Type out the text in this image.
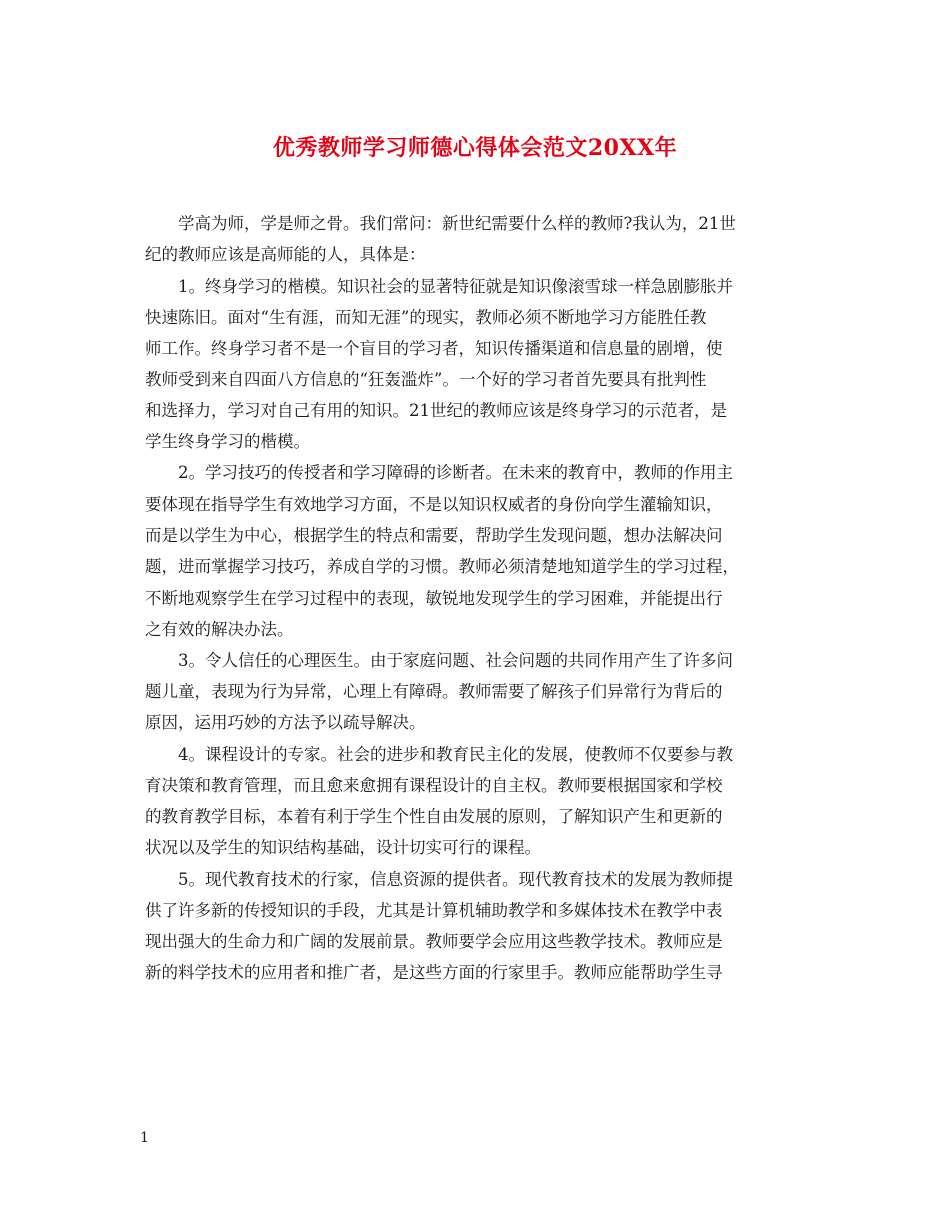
优秀教师学习师德心得体会范文20XX年
学高为师，学是师之骨。我们常问：新世纪需要什么样的教师?我认为，21世
纪的教师应该是高师能的人，具体是：
1。终身学习的楷模。知识社会的显著特征就是知识像滚雪球一样急剧膨胀并
快速陈旧。面对“生有涯，而知无涯”的现实，教师必须不断地学习方能胜任教
师工作。终身学习者不是一个盲目的学习者，知识传播渠道和信息量的剧增，使
教师受到来自四面八方信息的“狂轰滥炸”。一个好的学习者首先要具有批判性
和选择力，学习对自己有用的知识。21世纪的教师应该是终身学习的示范者，是
学生终身学习的楷模。
2。学习技巧的传授者和学习障碍的诊断者。在未来的教育中，教师的作用主
要体现在指导学生有效地学习方面，不是以知识权威者的身份向学生灌输知识，
而是以学生为中心，根据学生的特点和需要，帮助学生发现问题，想办法解决问
题，进而掌握学习技巧，养成自学的习惯。教师必须清楚地知道学生的学习过程，
不断地观察学生在学习过程中的表现，敏锐地发现学生的学习困难，并能提出行
之有效的解决办法。
3。令人信任的心理医生。由于家庭问题、社会问题的共同作用产生了许多问
题儿童，表现为行为异常，心理上有障碍。教师需要了解孩子们异常行为背后的
原因，运用巧妙的方法予以疏导解决。
4。课程设计的专家。社会的进步和教育民主化的发展，使教师不仅要参与教
育决策和教育管理，而且愈来愈拥有课程设计的自主权。教师要根据国家和学校
的教育教学目标，本着有利于学生个性自由发展的原则，了解知识产生和更新的
状况以及学生的知识结构基础，设计切实可行的课程。
5。现代教育技术的行家，信息资源的提供者。现代教育技术的发展为教师提
供了许多新的传授知识的手段，尤其是计算机辅助教学和多媒体技术在教学中表
现出强大的生命力和广阔的发展前景。教师要学会应用这些教学技术。教师应是
新的料学技术的应用者和推广者，是这些方面的行家里手。教师应能帮助学生寻
1
